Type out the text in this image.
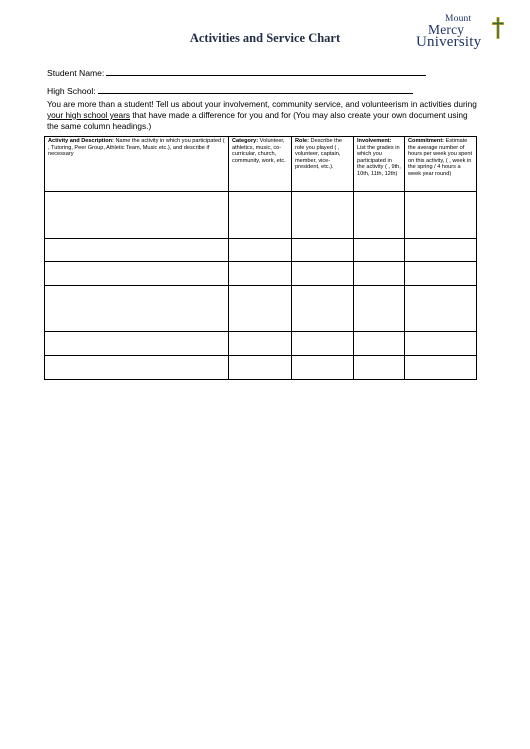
Activities and Service Chart
Mount
Mercy
University
Student Name:
High School:
You are more than a student! Tell us about your involvement, community service, and volunteerism in activities during your high school years that have made a difference for you and for (You may also create your own document using the same column headings.)
Activity and Description: Name the activity in which you participated ( , Tutoring, Peer Group, Athletic Team, Music etc.), and describe if necessary	Category: Volunteer, athletics, music, co-curricular, church, community, work, etc.	Role: Describe the role you played ( , volunteer, captain, member, vice-president, etc.).	Involvement: List the grades in which you participated in the activity ( , 9th, 10th, 11th, 12th)	Commitment: Estimate the average number of hours per week you spent on this activity, ( , week in the spring / 4 hours a week year round)
